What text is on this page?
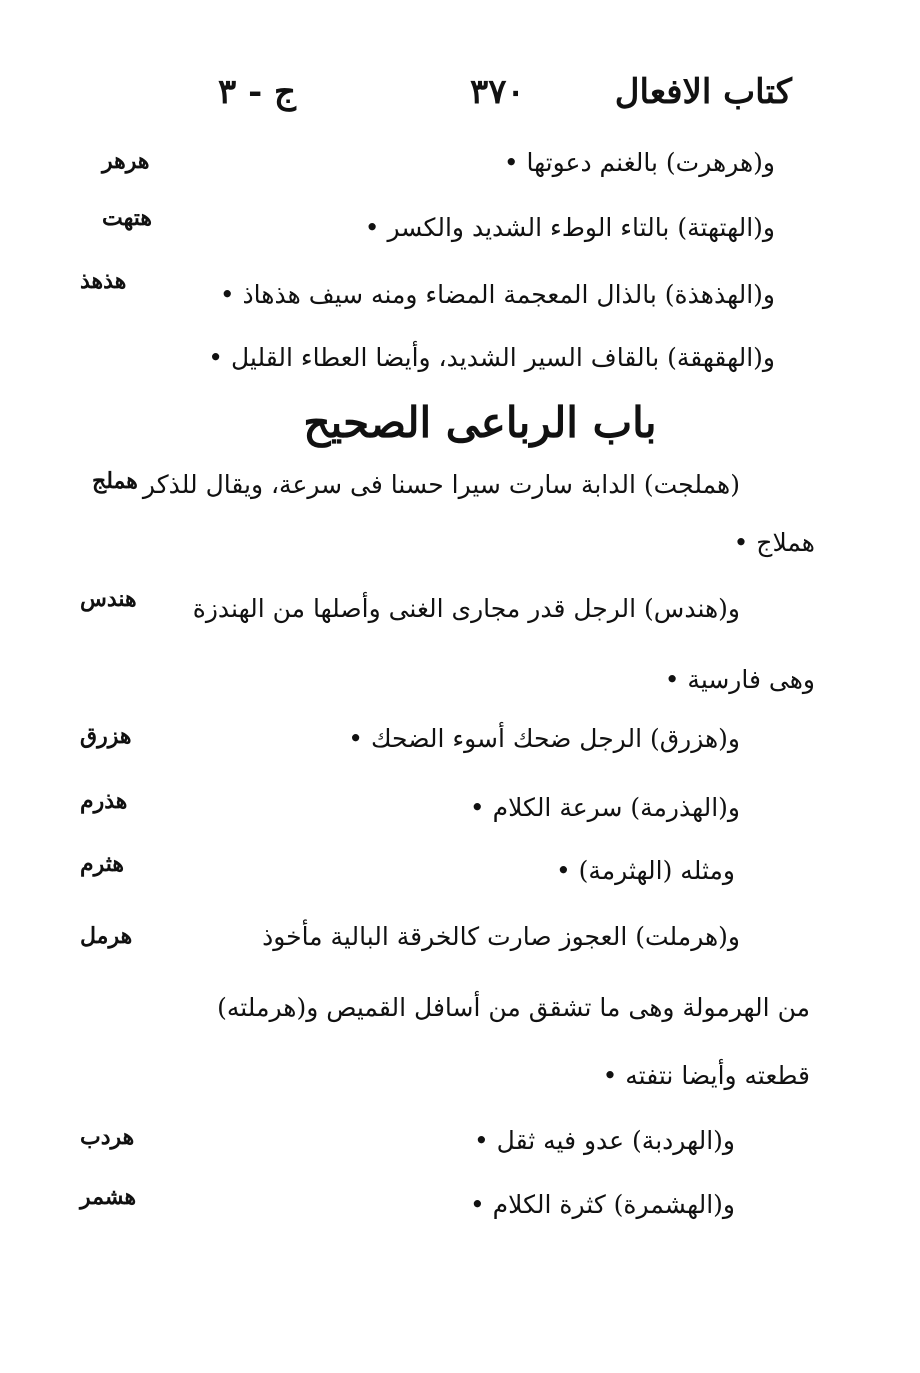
كتاب الافعال
٣٧٠
ج - ٣
و(هرهرت) بالغنم دعوتها •
و(الهتهتة) بالتاء الوطء الشديد والكسر •
و(الهذهذة) بالذال المعجمة المضاء ومنه سيف هذهاذ •
و(الهقهقة) بالقاف السير الشديد، وأيضا العطاء القليل •
باب الرباعى الصحيح
(هملجت) الدابة سارت سيرا حسنا فى سرعة، ويقال للذكر
هملاج •
و(هندس) الرجل قدر مجارى الغنى وأصلها من الهندزة
وهى فارسية •
و(هزرق) الرجل ضحك أسوء الضحك •
و(الهذرمة) سرعة الكلام •
ومثله (الهثرمة) •
و(هرملت) العجوز صارت كالخرقة البالية مأخوذ
من الهرمولة وهى ما تشقق من أسافل القميص و(هرملته)
قطعته وأيضا نتفته •
و(الهردبة) عدو فيه ثقل •
و(الهشمرة) كثرة الكلام •
هرهر
هتهت
هذهذ
هملج
هندس
هزرق
هذرم
هثرم
هرمل
هردب
هشمر
